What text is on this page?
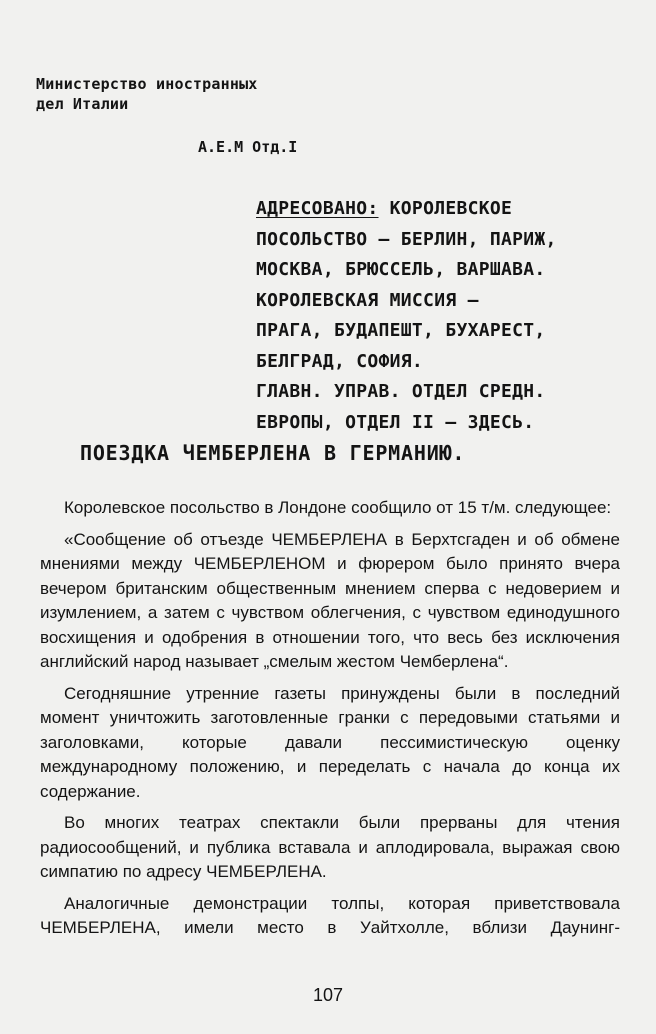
Министерство иностранных
дел Италии
А.Е.М Отд.I
АДРЕСОВАНО: КОРОЛЕВСКОЕ
ПОСОЛЬСТВО — БЕРЛИН, ПАРИЖ,
МОСКВА, БРЮССЕЛЬ, ВАРШАВА.
КОРОЛЕВСКАЯ МИССИЯ —
ПРАГА, БУДАПЕШТ, БУХАРЕСТ,
БЕЛГРАД, СОФИЯ.
ГЛАВН. УПРАВ. ОТДЕЛ СРЕДН.
ЕВРОПЫ, ОТДЕЛ II — ЗДЕСЬ.
ПОЕЗДКА ЧЕМБЕРЛЕНА В ГЕРМАНИЮ.

Королевское посольство в Лондоне сообщило от 15 т/м. следующее:

«Сообщение об отъезде ЧЕМБЕРЛЕНА в Берхтсгаден и об обмене мнениями между ЧЕМБЕРЛЕНОМ и фюрером было принято вчера вечером британским общественным мнением сперва с недоверием и изумлением, а затем с чувством облегчения, с чувством единодушного восхищения и одобрения в отношении того, что весь без исключения английский народ называет „смелым жестом Чемберлена“.

Сегодняшние утренние газеты принуждены были в последний момент уничтожить заготовленные гранки с передовыми статьями и заголовками, которые давали пессимистическую оценку международному положению, и переделать с начала до конца их содержание.

Во многих театрах спектакли были прерваны для чтения радиосообщений, и публика вставала и аплодировала, выражая свою симпатию по адресу ЧЕМБЕРЛЕНА.

Аналогичные демонстрации толпы, которая приветствовала ЧЕМБЕРЛЕНА, имели место в Уайтхолле, вблизи Даунинг-

107
